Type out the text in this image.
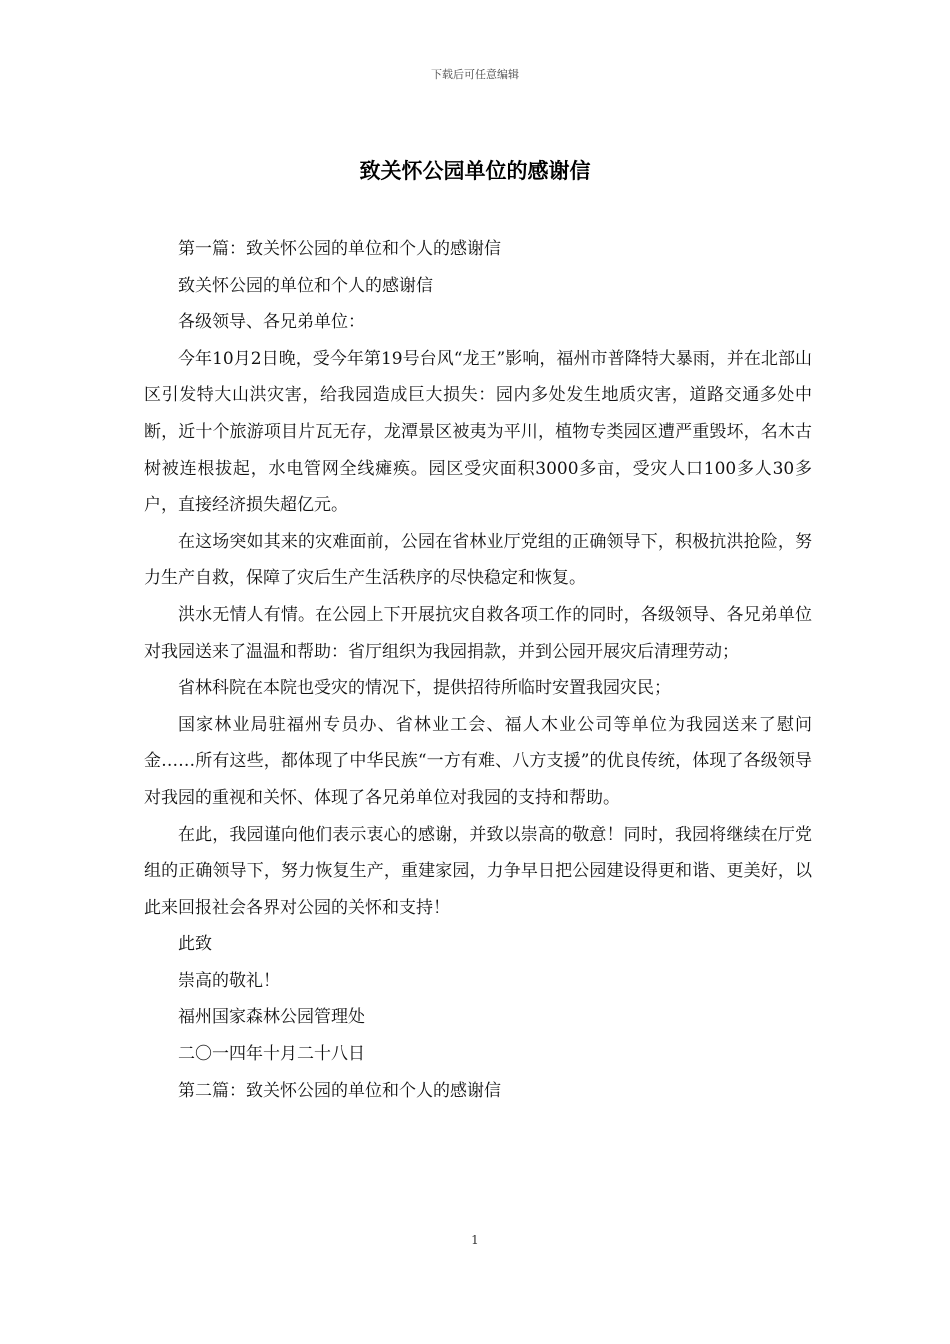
下载后可任意编辑
致关怀公园单位的感谢信

第一篇：致关怀公园的单位和个人的感谢信

致关怀公园的单位和个人的感谢信

各级领导、各兄弟单位：

今年10月2日晚，受今年第19号台风“龙王”影响，福州市普降特大暴雨，并在北部山区引发特大山洪灾害，给我园造成巨大损失：园内多处发生地质灾害，道路交通多处中断，近十个旅游项目片瓦无存，龙潭景区被夷为平川，植物专类园区遭严重毁坏，名木古树被连根拔起，水电管网全线瘫痪。园区受灾面积3000多亩，受灾人口100多人30多户，直接经济损失超亿元。

在这场突如其来的灾难面前，公园在省林业厅党组的正确领导下，积极抗洪抢险，努力生产自救，保障了灾后生产生活秩序的尽快稳定和恢复。

洪水无情人有情。在公园上下开展抗灾自救各项工作的同时，各级领导、各兄弟单位对我园送来了温温和帮助：省厅组织为我园捐款，并到公园开展灾后清理劳动；

省林科院在本院也受灾的情况下，提供招待所临时安置我园灾民；

国家林业局驻福州专员办、省林业工会、福人木业公司等单位为我园送来了慰问金……所有这些，都体现了中华民族“一方有难、八方支援”的优良传统，体现了各级领导对我园的重视和关怀、体现了各兄弟单位对我园的支持和帮助。

在此，我园谨向他们表示衷心的感谢，并致以崇高的敬意！同时，我园将继续在厅党组的正确领导下，努力恢复生产，重建家园，力争早日把公园建设得更和谐、更美好，以此来回报社会各界对公园的关怀和支持！

此致

崇高的敬礼！

福州国家森林公园管理处

二〇一四年十月二十八日

第二篇：致关怀公园的单位和个人的感谢信

1
